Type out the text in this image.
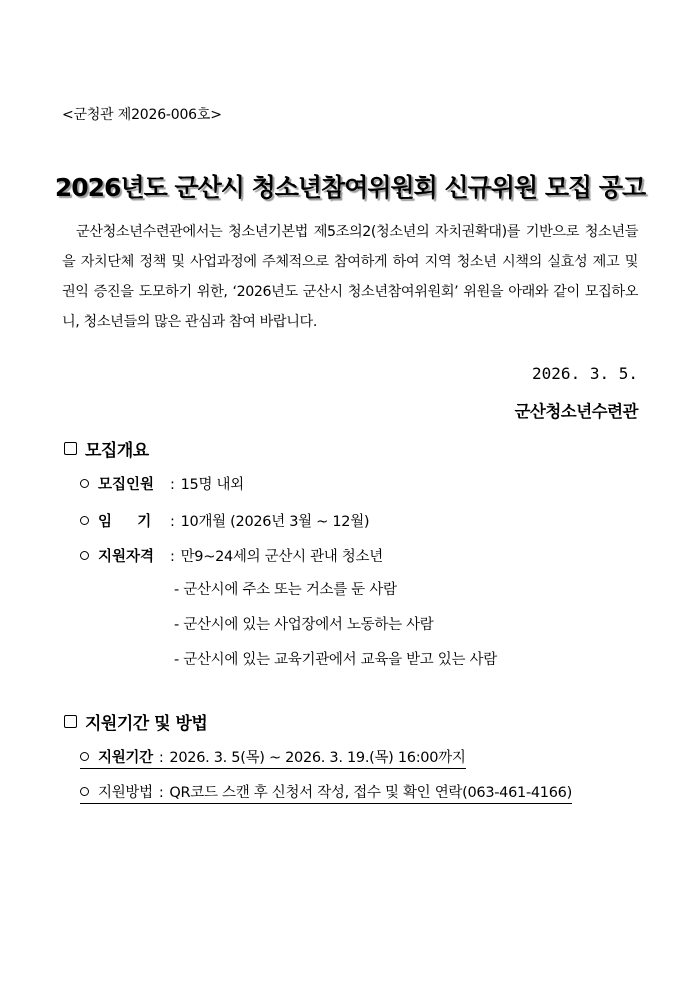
<군청관 제2026-006호>
2026년도 군산시 청소년참여위원회 신규위원 모집 공고

군산청소년수련관에서는 청소년기본법 제5조의2(청소년의 자치권확대)를 기반으로 청소년들을 자치단체 정책 및 사업과정에 주체적으로 참여하게 하여 지역 청소년 시책의 실효성 제고 및 권익 증진을 도모하기 위한, ‘2026년도 군산시 청소년참여위원회’ 위원을 아래와 같이 모집하오니, 청소년들의 많은 관심과 참여 바랍니다.

2026. 3. 5.
군산청소년수련관
모집개요
모집인원	: 15명 내외
임     기	: 10개월 (2026년 3월 ~ 12월)
지원자격	: 만9~24세의 군산시 관내 청소년
- 군산시에 주소 또는 거소를 둔 사람
- 군산시에 있는 사업장에서 노동하는 사람
- 군산시에 있는 교육기관에서 교육을 받고 있는 사람
지원기간 및 방법
지원기간 : 2026. 3. 5(목) ~ 2026. 3. 19.(목) 16:00까지
지원방법 : QR코드 스캔 후 신청서 작성, 접수 및 확인 연락(063-461-4166)
